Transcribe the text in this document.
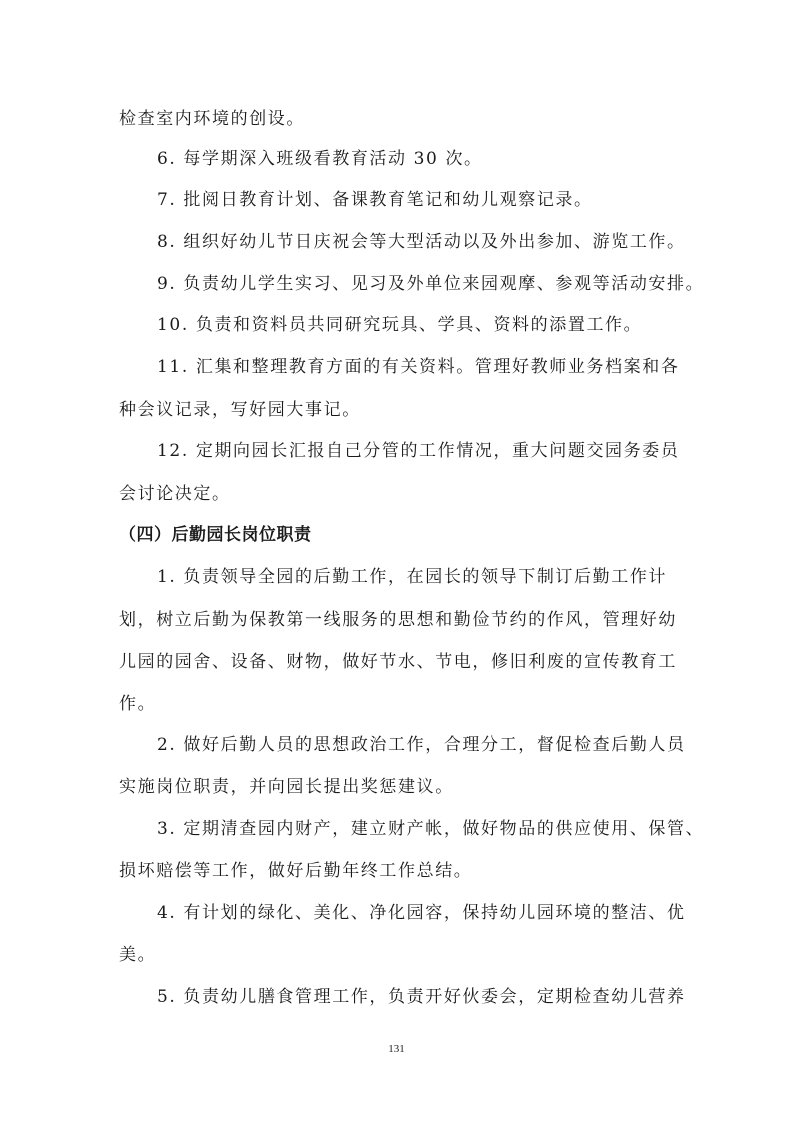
检查室内环境的创设。
6. 每学期深入班级看教育活动 30 次。
7. 批阅日教育计划、备课教育笔记和幼儿观察记录。
8. 组织好幼儿节日庆祝会等大型活动以及外出参加、游览工作。
9. 负责幼儿学生实习、见习及外单位来园观摩、参观等活动安排。
10. 负责和资料员共同研究玩具、学具、资料的添置工作。
11. 汇集和整理教育方面的有关资料。管理好教师业务档案和各
种会议记录，写好园大事记。
12. 定期向园长汇报自己分管的工作情况，重大问题交园务委员
会讨论决定。
（四）后勤园长岗位职责
1. 负责领导全园的后勤工作，在园长的领导下制订后勤工作计
划，树立后勤为保教第一线服务的思想和勤俭节约的作风，管理好幼
儿园的园舍、设备、财物，做好节水、节电，修旧利废的宣传教育工
作。
2. 做好后勤人员的思想政治工作，合理分工，督促检查后勤人员
实施岗位职责，并向园长提出奖惩建议。
3. 定期清查园内财产，建立财产帐，做好物品的供应使用、保管、
损坏赔偿等工作，做好后勤年终工作总结。
4. 有计划的绿化、美化、净化园容，保持幼儿园环境的整洁、优
美。
5. 负责幼儿膳食管理工作，负责开好伙委会，定期检查幼儿营养
131
